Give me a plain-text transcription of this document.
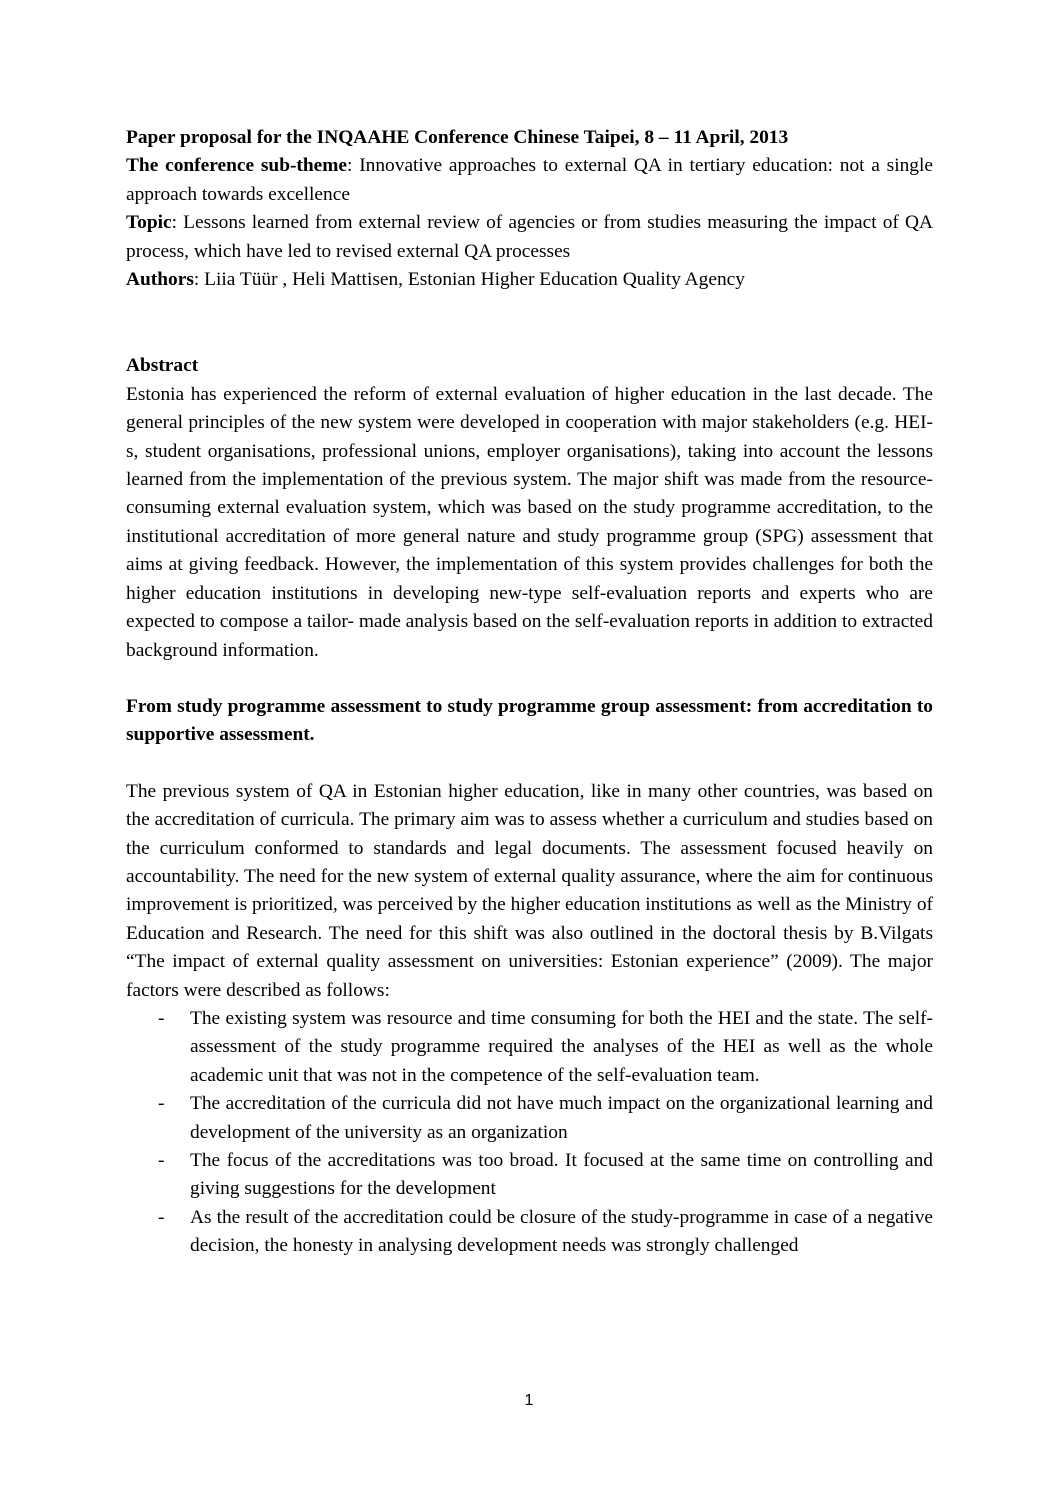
Paper proposal for the INQAAHE Conference Chinese Taipei, 8 – 11 April, 2013

The conference sub-theme: Innovative approaches to external QA in tertiary education: not a single approach towards excellence

Topic: Lessons learned from external review of agencies or from studies measuring the impact of QA process, which have led to revised external QA processes

Authors: Liia Tüür , Heli Mattisen, Estonian Higher Education Quality Agency

Abstract

Estonia has experienced the reform of external evaluation of higher education in the last decade. The general principles of the new system were developed in cooperation with major stakeholders (e.g. HEI-s, student organisations, professional unions, employer organisations), taking into account the lessons learned from the implementation of the previous system. The major shift was made from the resource-consuming external evaluation system, which was based on the study programme accreditation, to the institutional accreditation of more general nature and study programme group (SPG) assessment that aims at giving feedback. However, the implementation of this system provides challenges for both the higher education institutions in developing new-type self-evaluation reports and experts who are expected to compose a tailor- made analysis based on the self-evaluation reports in addition to extracted background information.

From study programme assessment to study programme group assessment: from accreditation to supportive assessment.

The previous system of QA in Estonian higher education, like in many other countries, was based on the accreditation of curricula. The primary aim was to assess whether a curriculum and studies based on the curriculum conformed to standards and legal documents. The assessment focused heavily on accountability. The need for the new system of external quality assurance, where the aim for continuous improvement is prioritized, was perceived by the higher education institutions as well as the Ministry of Education and Research. The need for this shift was also outlined in the doctoral thesis by B.Vilgats “The impact of external quality assessment on universities: Estonian experience” (2009). The major factors were described as follows:

- The existing system was resource and time consuming for both the HEI and the state. The self-assessment of the study programme required the analyses of the HEI as well as the whole academic unit that was not in the competence of the self-evaluation team.
- The accreditation of the curricula did not have much impact on the organizational learning and development of the university as an organization
- The focus of the accreditations was too broad. It focused at the same time on controlling and giving suggestions for the development
- As the result of the accreditation could be closure of the study-programme in case of a negative decision, the honesty in analysing development needs was strongly challenged
1
